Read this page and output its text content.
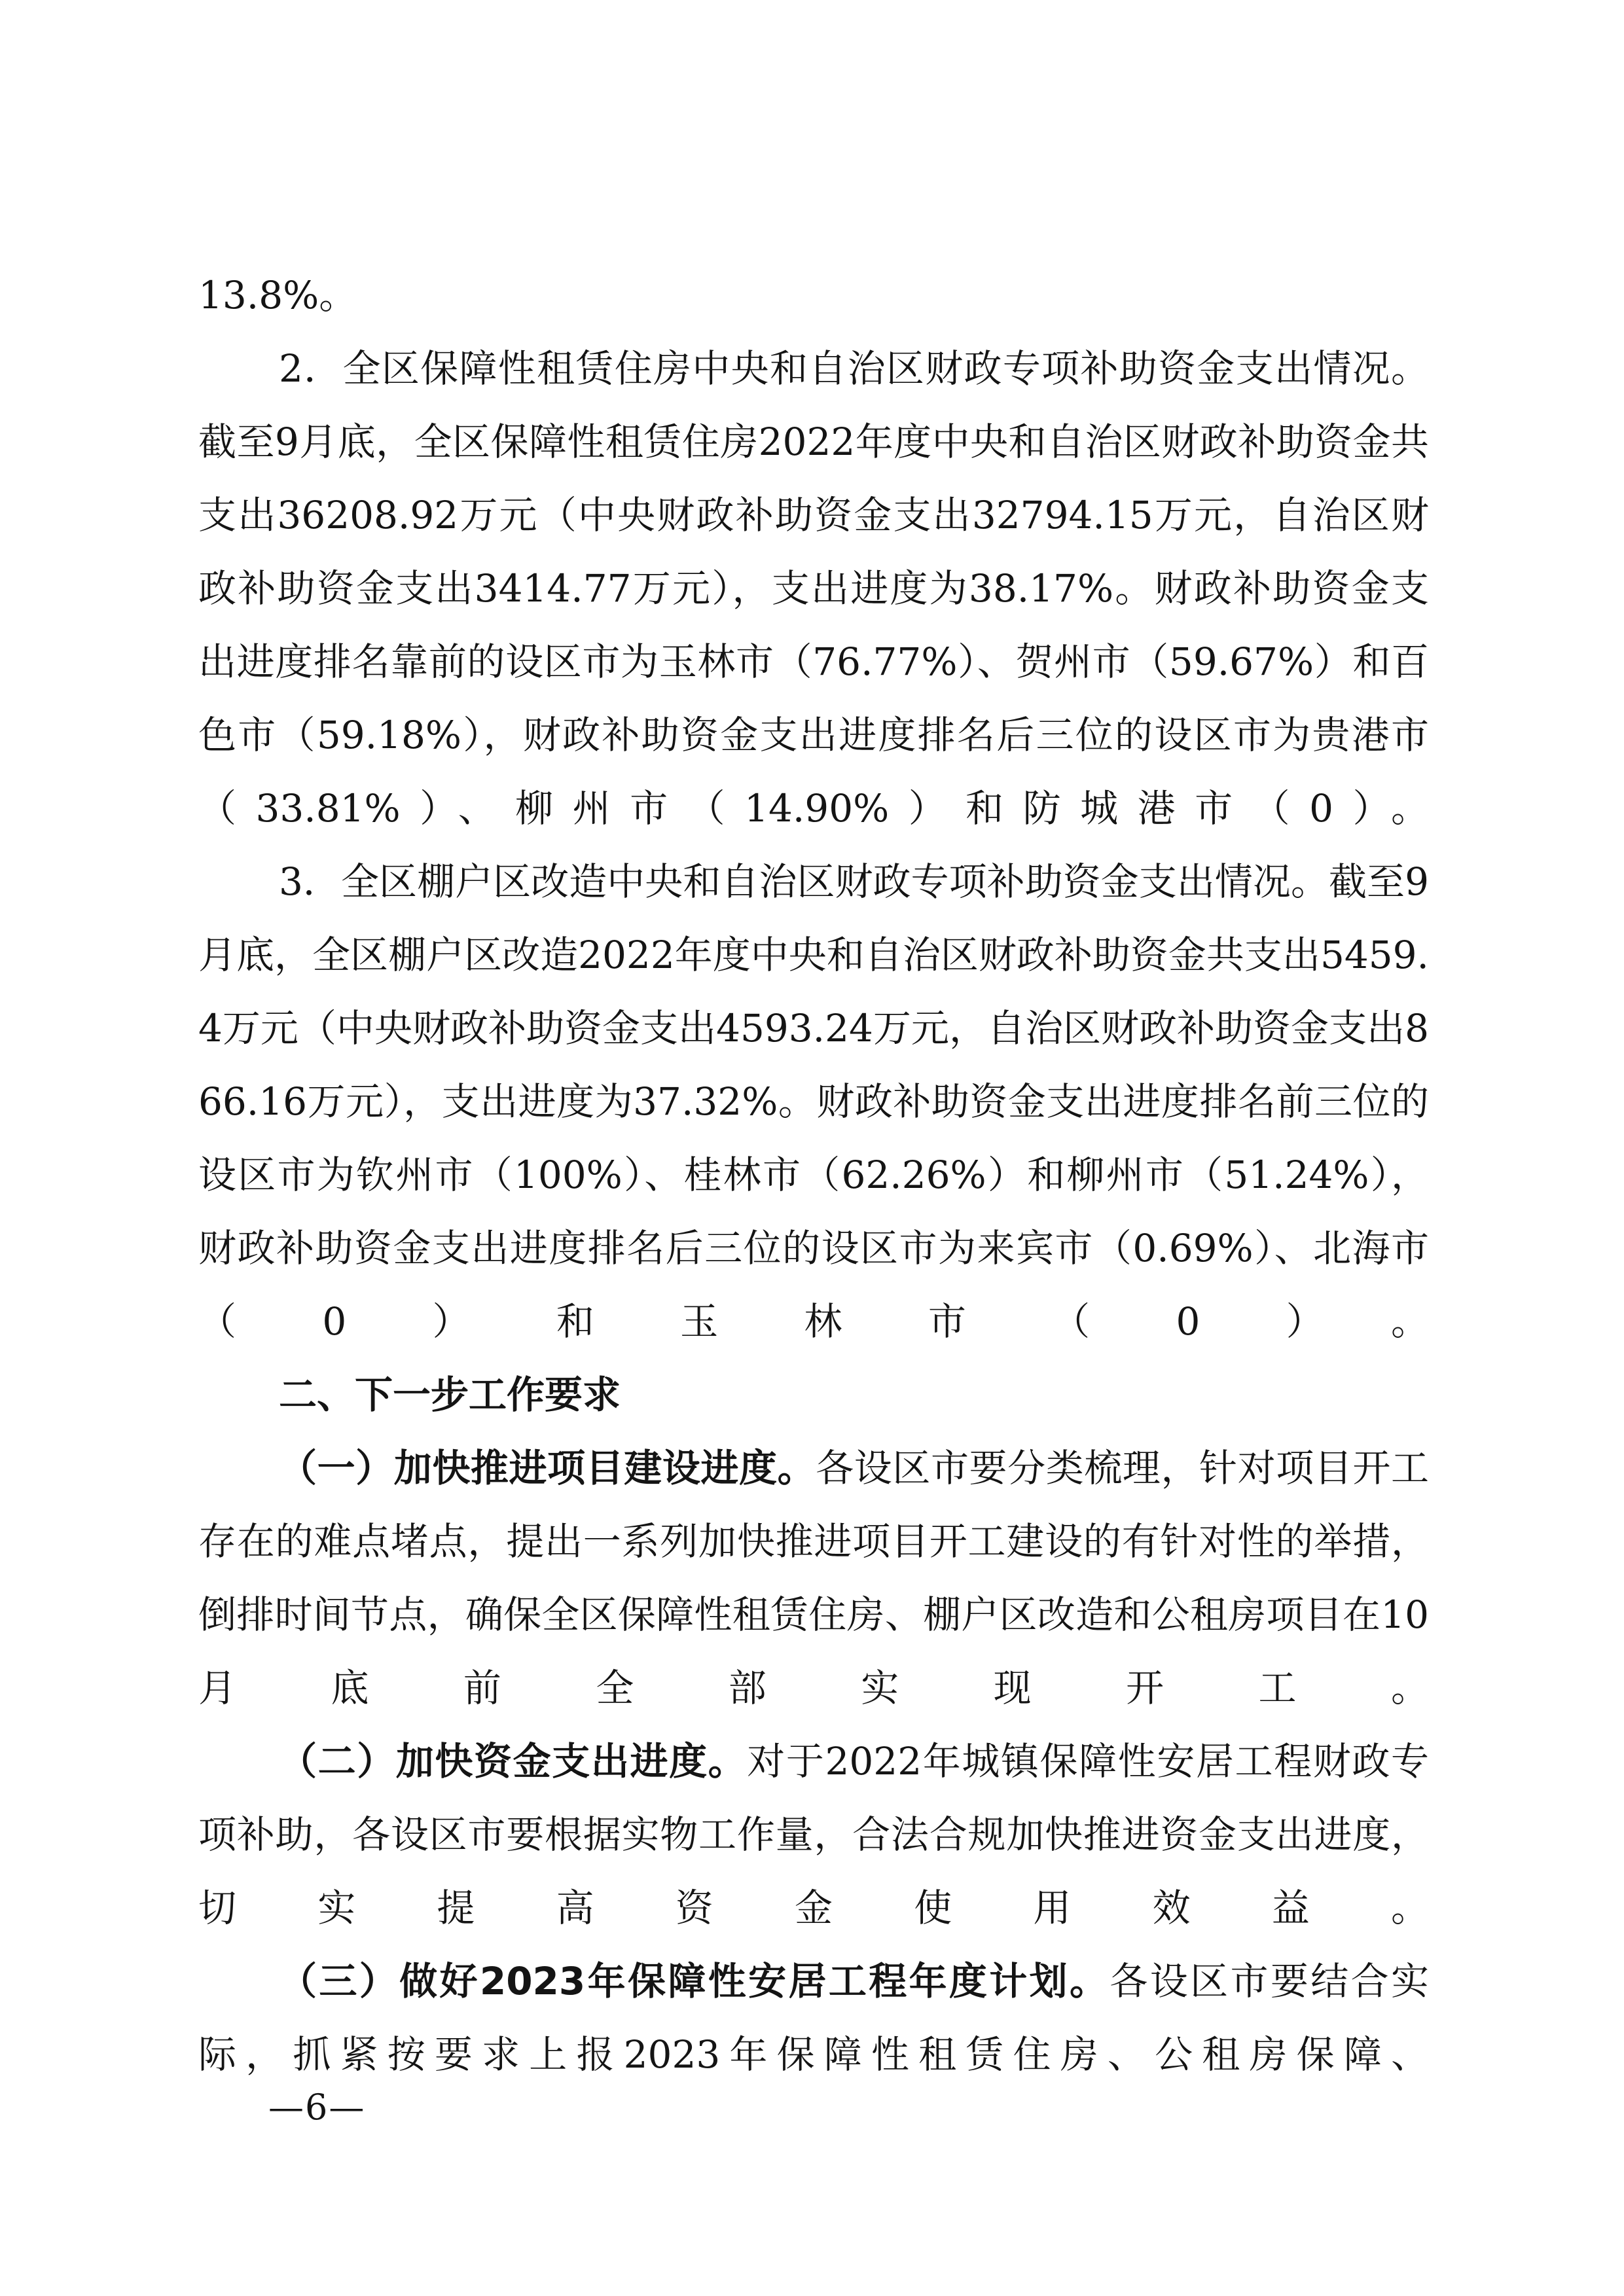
13.8%。

2．全区保障性租赁住房中央和自治区财政专项补助资金支出情况。截至9月底，全区保障性租赁住房2022年度中央和自治区财政补助资金共支出36208.92万元（中央财政补助资金支出32794.15万元，自治区财政补助资金支出3414.77万元），支出进度为38.17%。财政补助资金支出进度排名靠前的设区市为玉林市（76.77%）、贺州市（59.67%）和百色市（59.18%），财政补助资金支出进度排名后三位的设区市为贵港市（33.81%）、柳州市（14.90%）和防城港市（0）。

3．全区棚户区改造中央和自治区财政专项补助资金支出情况。截至9月底，全区棚户区改造2022年度中央和自治区财政补助资金共支出5459.4万元（中央财政补助资金支出4593.24万元，自治区财政补助资金支出866.16万元），支出进度为37.32%。财政补助资金支出进度排名前三位的设区市为钦州市（100%）、桂林市（62.26%）和柳州市（51.24%），财政补助资金支出进度排名后三位的设区市为来宾市（0.69%）、北海市（0）和玉林市（0）。

二、下一步工作要求

（一）加快推进项目建设进度。各设区市要分类梳理，针对项目开工存在的难点堵点，提出一系列加快推进项目开工建设的有针对性的举措，倒排时间节点，确保全区保障性租赁住房、棚户区改造和公租房项目在10月底前全部实现开工。

（二）加快资金支出进度。对于2022年城镇保障性安居工程财政专项补助，各设区市要根据实物工作量，合法合规加快推进资金支出进度，切实提高资金使用效益。

（三）做好2023年保障性安居工程年度计划。各设区市要结合实际，抓紧按要求上报2023年保障性租赁住房、公租房保障、

—6—
